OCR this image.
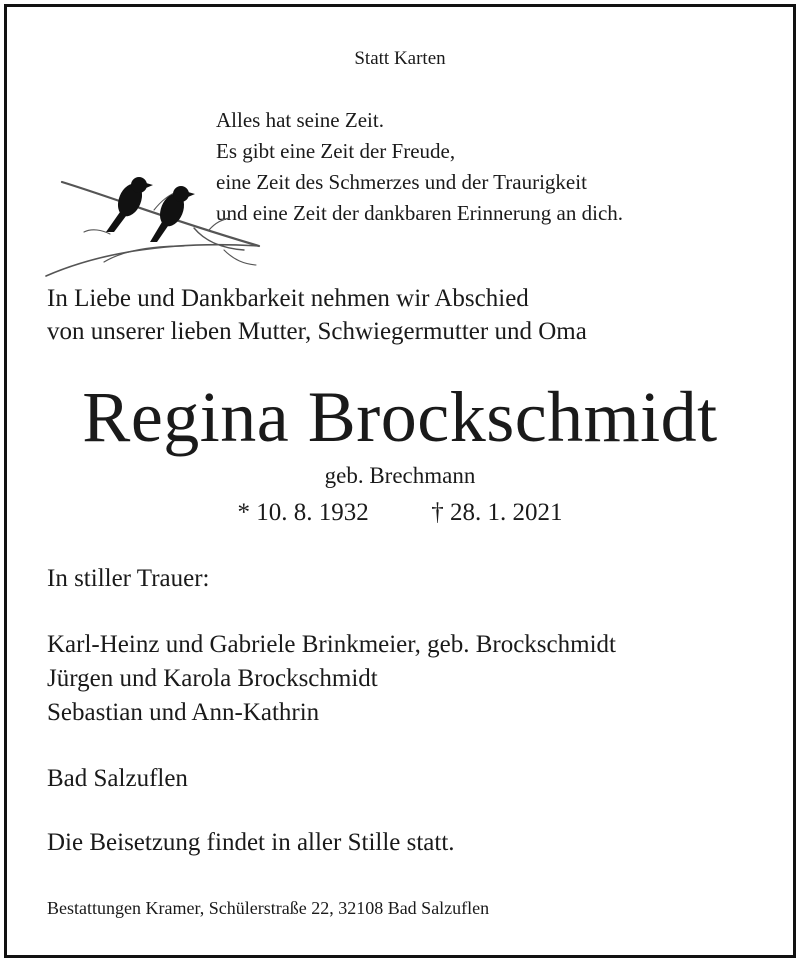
Statt Karten
Alles hat seine Zeit.
Es gibt eine Zeit der Freude,
eine Zeit des Schmerzes und der Traurigkeit
und eine Zeit der dankbaren Erinnerung an dich.
In Liebe und Dankbarkeit nehmen wir Abschied
von unserer lieben Mutter, Schwiegermutter und Oma
Regina Brockschmidt
geb. Brechmann
* 10. 8. 1932	† 28. 1. 2021
In stiller Trauer:
Karl-Heinz und Gabriele Brinkmeier, geb. Brockschmidt
Jürgen und Karola Brockschmidt
Sebastian und Ann-Kathrin
Bad Salzuflen
Die Beisetzung findet in aller Stille statt.
Bestattungen Kramer, Schülerstraße 22, 32108 Bad Salzuflen
